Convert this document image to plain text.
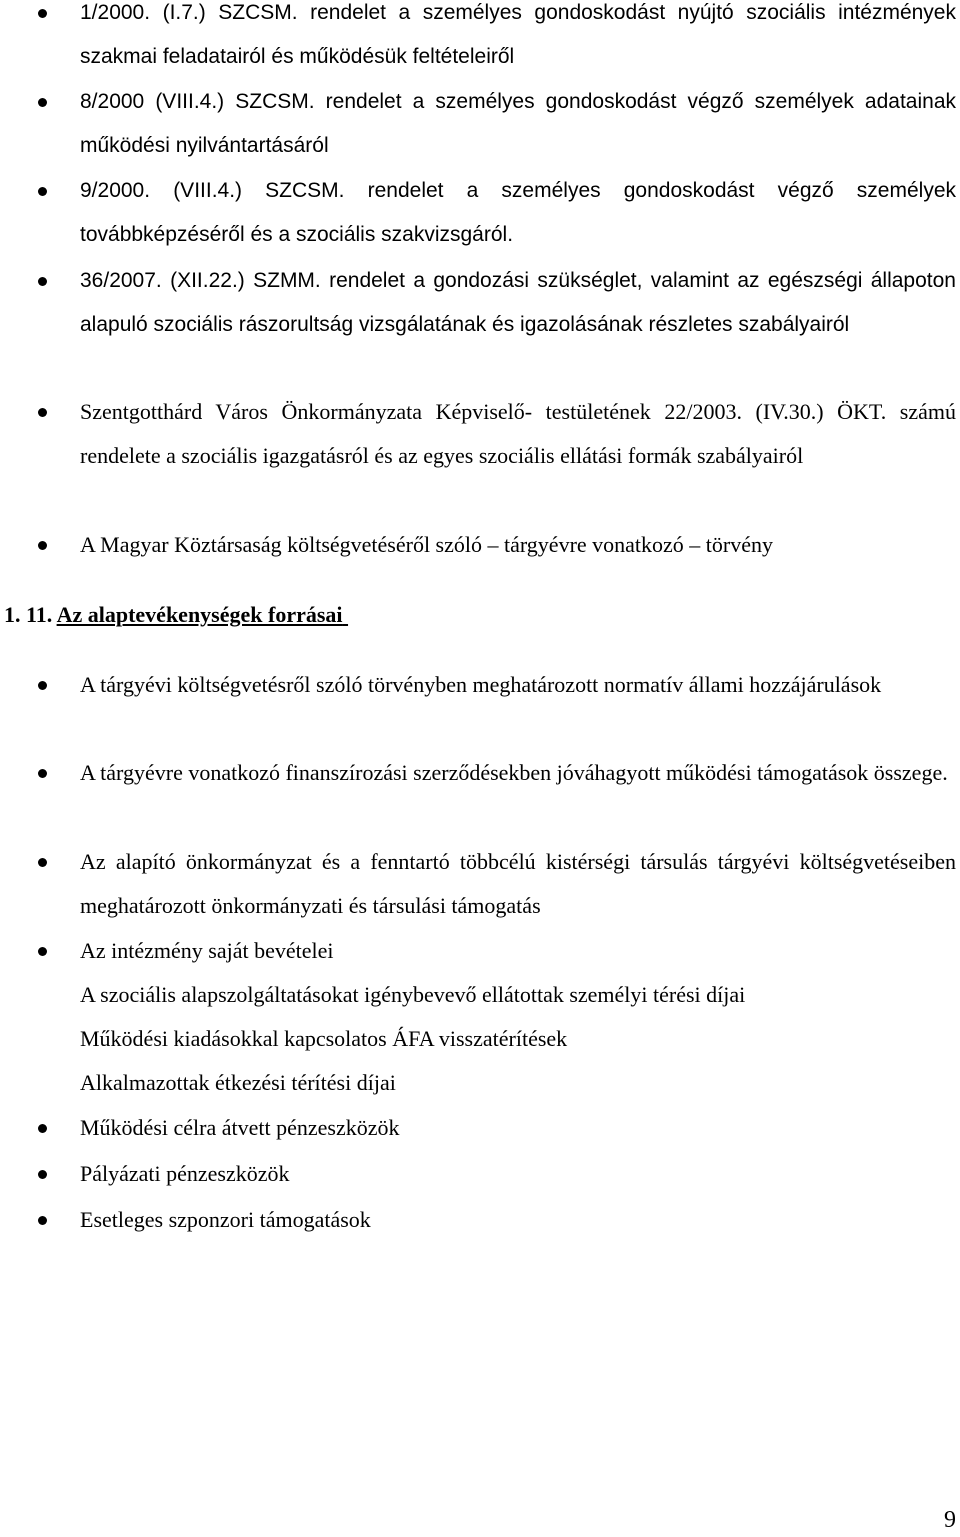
1/2000. (I.7.) SZCSM. rendelet a személyes gondoskodást nyújtó szociális intézmények szakmai feladatairól és működésük feltételeiről
8/2000 (VIII.4.) SZCSM. rendelet a személyes gondoskodást végző személyek adatainak működési nyilvántartásáról
9/2000. (VIII.4.) SZCSM. rendelet a személyes gondoskodást végző személyek továbbképzéséről és a szociális szakvizsgáról.
36/2007. (XII.22.) SZMM. rendelet a gondozási szükséglet, valamint az egészségi állapoton alapuló szociális rászorultság vizsgálatának és igazolásának részletes szabályairól
Szentgotthárd Város Önkormányzata Képviselő- testületének 22/2003. (IV.30.) ÖKT. számú rendelete a szociális igazgatásról és az egyes szociális ellátási formák szabályairól
A Magyar Köztársaság költségvetéséről szóló – tárgyévre vonatkozó – törvény
1. 11. Az alaptevékenységek forrásai
A tárgyévi költségvetésről szóló törvényben meghatározott normatív állami hozzájárulások
A tárgyévre vonatkozó finanszírozási szerződésekben jóváhagyott működési támogatások összege.
Az alapító önkormányzat és a fenntartó többcélú kistérségi társulás tárgyévi költségvetéseiben meghatározott önkormányzati és társulási támogatás
Az intézmény saját bevételei
A szociális alapszolgáltatásokat igénybevevő ellátottak személyi térési díjai
Működési kiadásokkal kapcsolatos ÁFA visszatérítések
Alkalmazottak étkezési térítési díjai
Működési célra átvett pénzeszközök
Pályázati pénzeszközök
Esetleges szponzori támogatások
9
